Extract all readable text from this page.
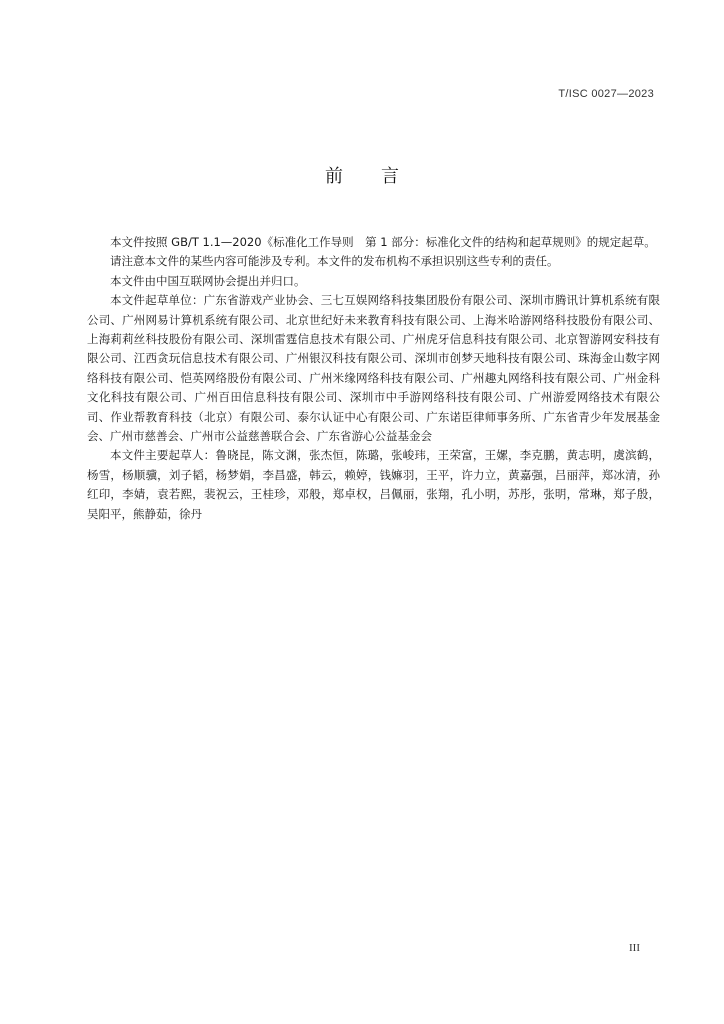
T/ISC 0027—2023
前言

本文件按照 GB/T 1.1—2020《标准化工作导则　第 1 部分：标准化文件的结构和起草规则》的规定起草。

请注意本文件的某些内容可能涉及专利。本文件的发布机构不承担识别这些专利的责任。

本文件由中国互联网协会提出并归口。

本文件起草单位：广东省游戏产业协会、三七互娱网络科技集团股份有限公司、深圳市腾讯计算机系统有限公司、广州网易计算机系统有限公司、北京世纪好未来教育科技有限公司、上海米哈游网络科技股份有限公司、上海莉莉丝科技股份有限公司、深圳雷霆信息技术有限公司、广州虎牙信息科技有限公司、北京智游网安科技有限公司、江西贪玩信息技术有限公司、广州银汉科技有限公司、深圳市创梦天地科技有限公司、珠海金山数字网络科技有限公司、恺英网络股份有限公司、广州米缘网络科技有限公司、广州趣丸网络科技有限公司、广州金科文化科技有限公司、广州百田信息科技有限公司、深圳市中手游网络科技有限公司、广州游爱网络技术有限公司、作业帮教育科技（北京）有限公司、泰尔认证中心有限公司、广东诺臣律师事务所、广东省青少年发展基金会、广州市慈善会、广州市公益慈善联合会、广东省游心公益基金会

本文件主要起草人：鲁晓昆，陈文渊，张杰恒，陈璐，张峻玮，王荣富，王嫘，李克鹏，黄志明，虞滨鹤，杨雪，杨顺骥，刘子韬，杨梦娟，李昌盛，韩云，赖婷，钱嫲羽，王平，许力立，黄嘉强，吕丽萍，郑冰清，孙红印，李婧，袁若熙，裴祝云，王桂珍，邓般，郑卓权，吕佩丽，张翔，孔小明，苏彤，张明，常琳，郑子殷，吴阳平，熊静茹，徐丹

III
